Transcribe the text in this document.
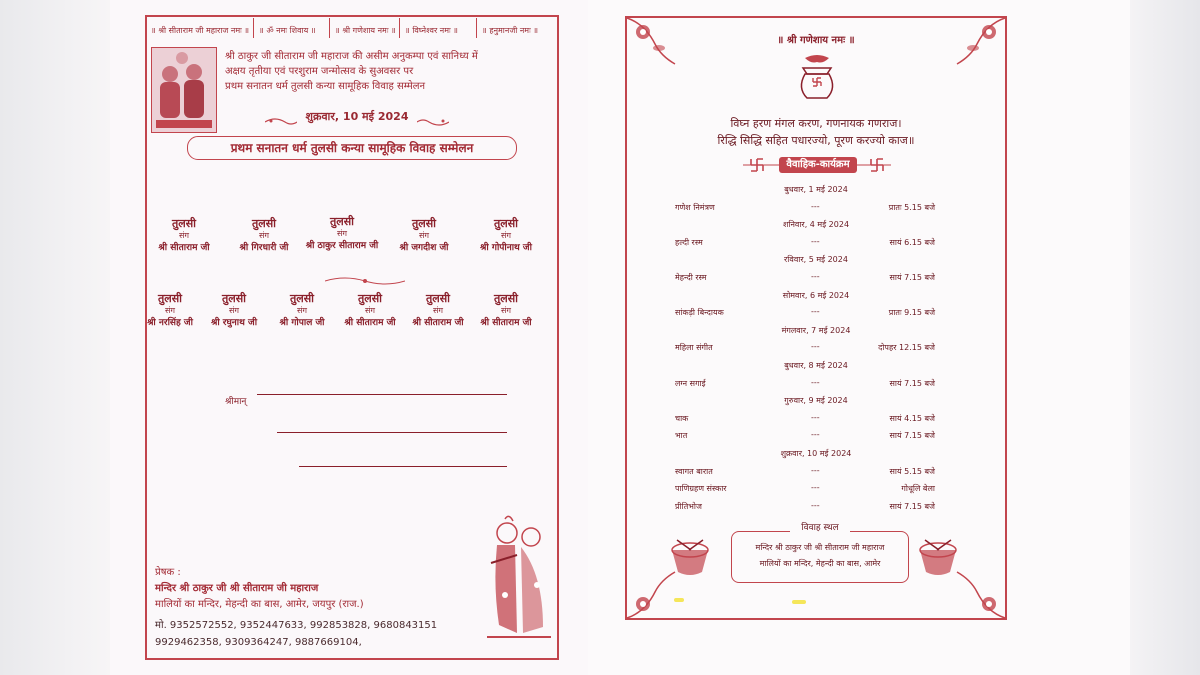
॥ श्री सीताराम जी महाराज नमः ॥ ॥ ॐ नमः शिवाय ॥ ॥ श्री गणेशाय नमः ॥ ॥ विघ्नेश्वर नमः ॥	॥ हनुमानजी नमः ॥
श्री ठाकुर जी सीताराम जी महाराज की असीम अनुकम्पा एवं सानिध्य में
अक्षय तृतीया एवं परशुराम जन्मोत्सव के सुअवसर पर
प्रथम सनातन धर्म तुलसी कन्या सामूहिक विवाह सम्मेलन
शुक्रवार, 10 मई 2024
प्रथम सनातन धर्म तुलसी कन्या सामूहिक विवाह सम्मेलन
तुलसी
संग
श्री सीताराम जी
तुलसी
संग
श्री गिरधारी जी
तुलसी
संग
श्री ठाकुर सीताराम जी
तुलसी
संग
श्री जगदीश जी
तुलसी
संग
श्री गोपीनाथ जी
तुलसी
संग
श्री नरसिंह जी
तुलसी
संग
श्री रघुनाथ जी
तुलसी
संग
श्री गोपाल जी
तुलसी
संग
श्री सीताराम जी
तुलसी
संग
श्री सीताराम जी
तुलसी
संग
श्री सीताराम जी
श्रीमान्
प्रेषक :
मन्दिर श्री ठाकुर जी श्री सीताराम जी महाराज
मालियों का मन्दिर, मेहन्दी का बास, आमेर, जयपुर (राज.)
मो. 9352572552, 9352447633, 992853828, 9680843151
9929462358, 9309364247, 9887669104,
॥ श्री गणेशाय नमः ॥
विघ्न हरण मंगल करण, गणनायक गणराज।
रिद्धि सिद्धि सहित पधारज्यो, पूरण करज्यो काज॥
वैवाहिक-कार्यक्रम
बुधवार, 1 मई 2024
गणेश निमंत्रण	---	प्रातः 5.15 बजे
शनिवार, 4 मई 2024
हल्दी रस्म	---	सायं 6.15 बजे
रविवार, 5 मई 2024
मेहन्दी रस्म	---	सायं 7.15 बजे
सोमवार, 6 मई 2024
सांकड़ी बिन्दायक	---	प्रातः 9.15 बजे
मंगलवार, 7 मई 2024
महिला संगीत	---	दोपहर 12.15 बजे
बुधवार, 8 मई 2024
लग्न सगाई	---	सायं 7.15 बजे
गुरुवार, 9 मई 2024
चाक	---	सायं 4.15 बजे
भात	---	सायं 7.15 बजे
शुक्रवार, 10 मई 2024
स्वागत बारात	---	सायं 5.15 बजे
पाणिग्रहण संस्कार	---	गोधूलि बेला
प्रीतिभोज	---	सायं 7.15 बजे
विवाह स्थल
मन्दिर श्री ठाकुर जी श्री सीताराम जी महाराज
मालियों का मन्दिर, मेहन्दी का बास, आमेर
